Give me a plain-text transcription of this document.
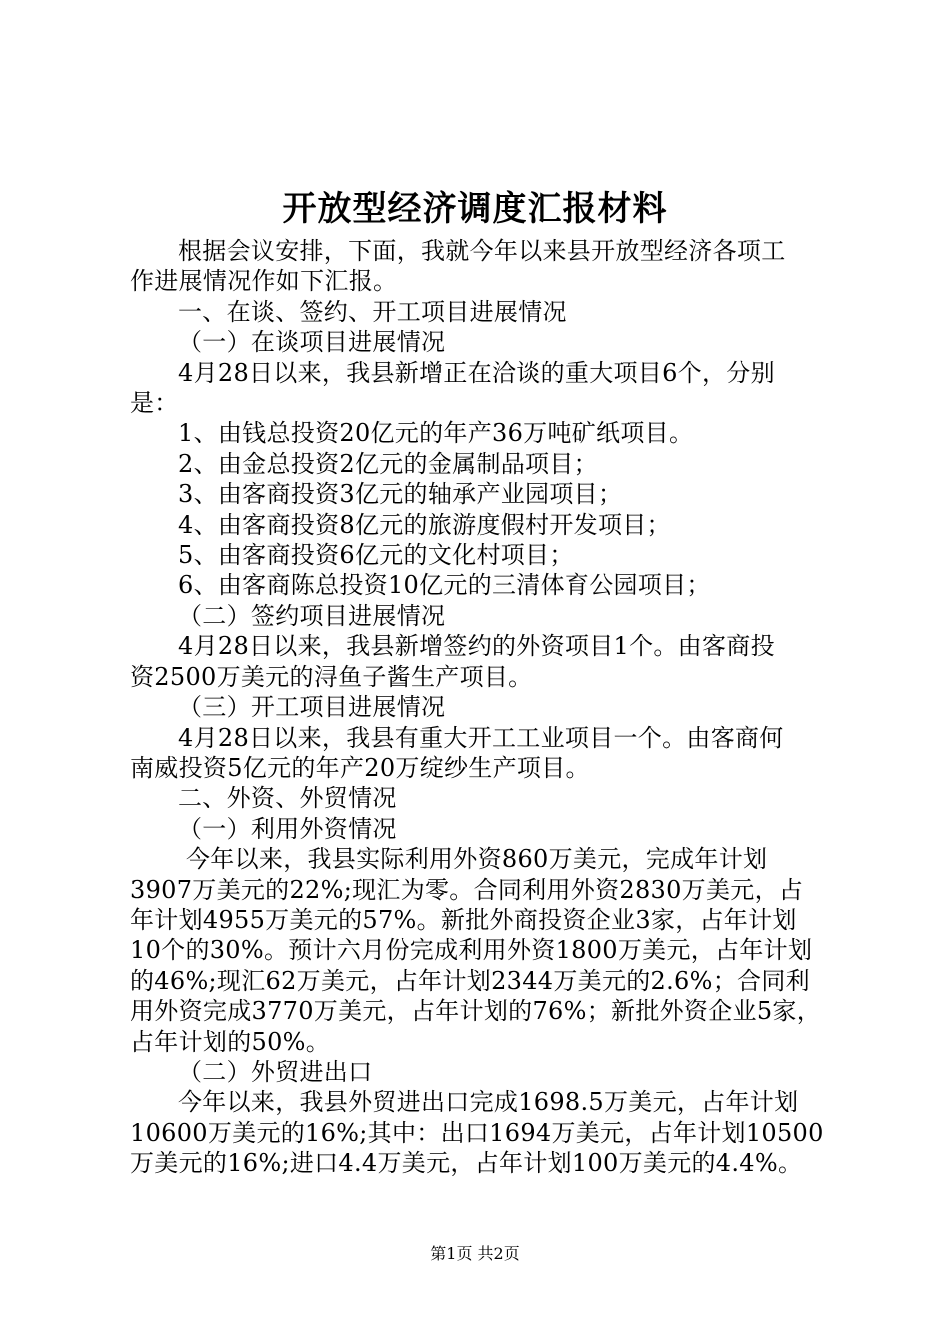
开放型经济调度汇报材料

根据会议安排，下面，我就今年以来县开放型经济各项工

作进展情况作如下汇报。

一、在谈、签约、开工项目进展情况

（一）在谈项目进展情况

4月28日以来，我县新增正在洽谈的重大项目6个，分别

是：

1、由钱总投资20亿元的年产36万吨矿纸项目。

2、由金总投资2亿元的金属制品项目；

3、由客商投资3亿元的轴承产业园项目；

4、由客商投资8亿元的旅游度假村开发项目；

5、由客商投资6亿元的文化村项目；

6、由客商陈总投资10亿元的三清体育公园项目；

（二）签约项目进展情况

4月28日以来，我县新增签约的外资项目1个。由客商投

资2500万美元的浔鱼子酱生产项目。

（三）开工项目进展情况

4月28日以来，我县有重大开工工业项目一个。由客商何

南威投资5亿元的年产20万绽纱生产项目。

二、外资、外贸情况

（一）利用外资情况

今年以来，我县实际利用外资860万美元，完成年计划

3907万美元的22%;现汇为零。合同利用外资2830万美元，占

年计划4955万美元的57%。新批外商投资企业3家，占年计划

10个的30%。预计六月份完成利用外资1800万美元，占年计划

的46%;现汇62万美元，占年计划2344万美元的2.6%；合同利

用外资完成3770万美元，占年计划的76%；新批外资企业5家，

占年计划的50%。

（二）外贸进出口

今年以来，我县外贸进出口完成1698.5万美元，占年计划

10600万美元的16%;其中：出口1694万美元，占年计划10500

万美元的16%;进口4.4万美元，占年计划100万美元的4.4%。

第1页 共2页
